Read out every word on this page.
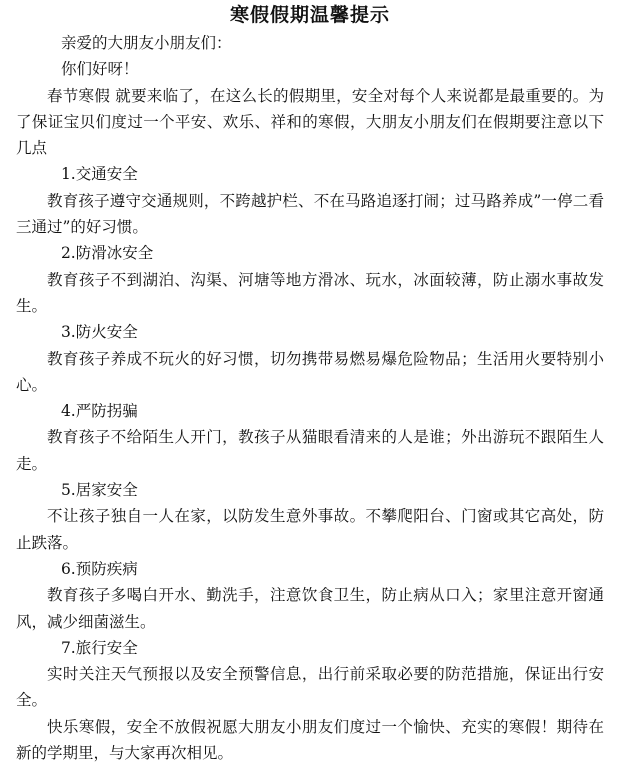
寒假假期温馨提示

亲爱的大朋友小朋友们：

你们好呀！

春节寒假 就要来临了，在这么长的假期里，安全对每个人来说都是最重要的。为了保证宝贝们度过一个平安、欢乐、祥和的寒假，大朋友小朋友们在假期要注意以下几点

1.交通安全

教育孩子遵守交通规则，不跨越护栏、不在马路追逐打闹；过马路养成”一停二看三通过”的好习惯。

2.防滑冰安全

教育孩子不到湖泊、沟渠、河塘等地方滑冰、玩水，冰面较薄，防止溺水事故发生。

3.防火安全

教育孩子养成不玩火的好习惯，切勿携带易燃易爆危险物品；生活用火要特别小心。

4.严防拐骗

教育孩子不给陌生人开门，教孩子从猫眼看清来的人是谁；外出游玩不跟陌生人走。

5.居家安全

不让孩子独自一人在家，以防发生意外事故。不攀爬阳台、门窗或其它高处，防止跌落。

6.预防疾病

教育孩子多喝白开水、勤洗手，注意饮食卫生，防止病从口入；家里注意开窗通风，减少细菌滋生。

7.旅行安全

实时关注天气预报以及安全预警信息，出行前采取必要的防范措施，保证出行安全。

快乐寒假，安全不放假祝愿大朋友小朋友们度过一个愉快、充实的寒假！期待在新的学期里，与大家再次相见。
